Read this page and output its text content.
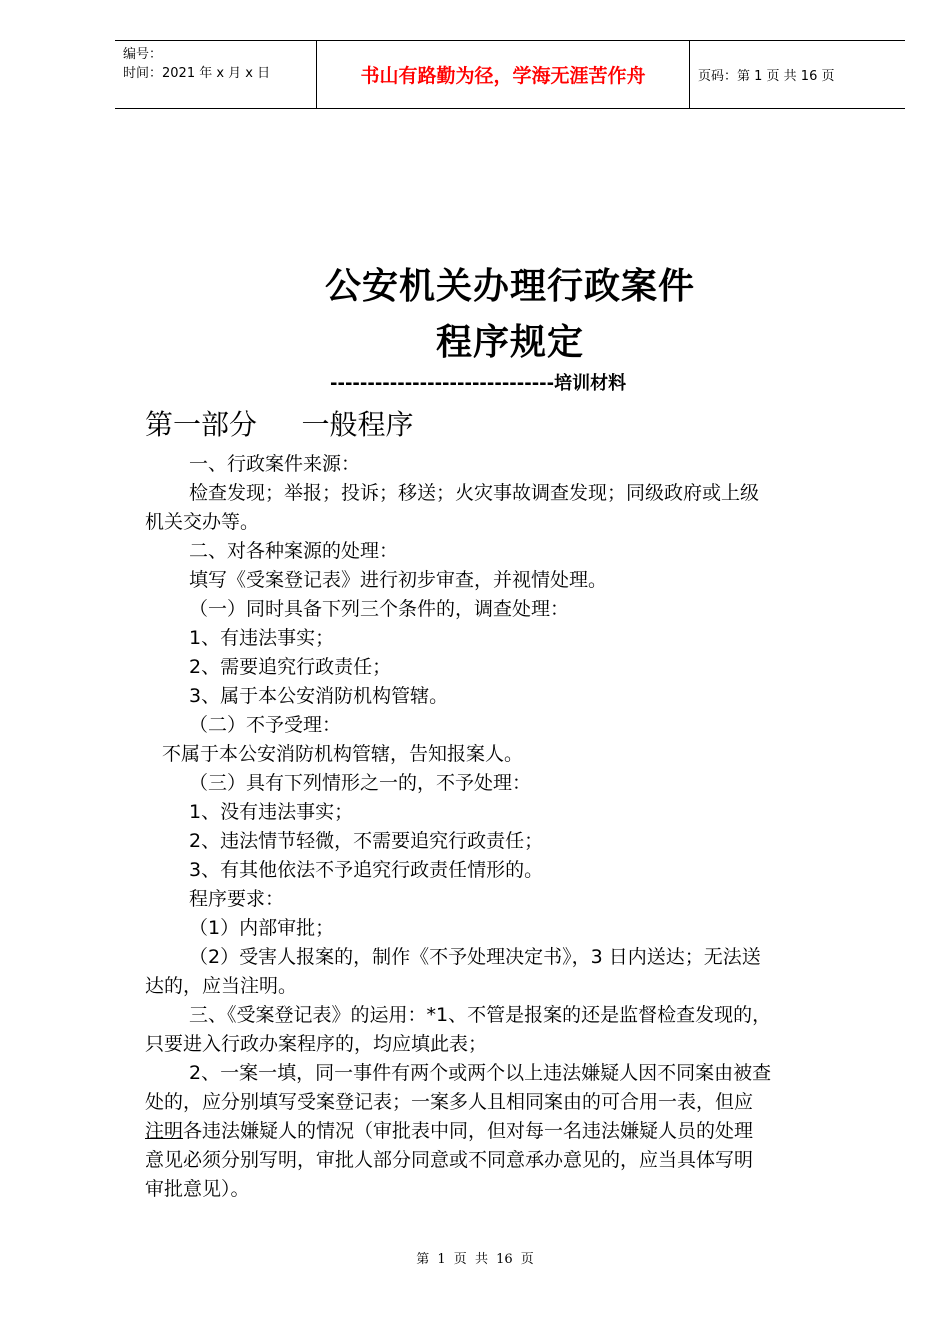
编号：
时间：2021 年 x 月 x 日	书山有路勤为径，学海无涯苦作舟	页码：第 1 页 共 16 页
公安机关办理行政案件
程序规定
------------------------------培训材料
第一部分     一般程序

一、行政案件来源：

检查发现；举报；投诉；移送；火灾事故调查发现；同级政府或上级

机关交办等。

二、对各种案源的处理：

填写《受案登记表》进行初步审查，并视情处理。

（一）同时具备下列三个条件的，调查处理：

1、有违法事实；

2、需要追究行政责任；

3、属于本公安消防机构管辖。

（二）不予受理：

不属于本公安消防机构管辖，告知报案人。

（三）具有下列情形之一的，不予处理：

1、没有违法事实；

2、违法情节轻微，不需要追究行政责任；

3、有其他依法不予追究行政责任情形的。

程序要求：

（1）内部审批；

（2）受害人报案的，制作《不予处理决定书》，3 日内送达；无法送

达的，应当注明。

三、《受案登记表》的运用：*1、不管是报案的还是监督检查发现的，

只要进入行政办案程序的，均应填此表；

2、一案一填，同一事件有两个或两个以上违法嫌疑人因不同案由被查

处的，应分别填写受案登记表；一案多人且相同案由的可合用一表，但应

注明各违法嫌疑人的情况（审批表中同，但对每一名违法嫌疑人员的处理

意见必须分别写明，审批人部分同意或不同意承办意见的，应当具体写明

审批意见）。

第 1 页 共 16 页
